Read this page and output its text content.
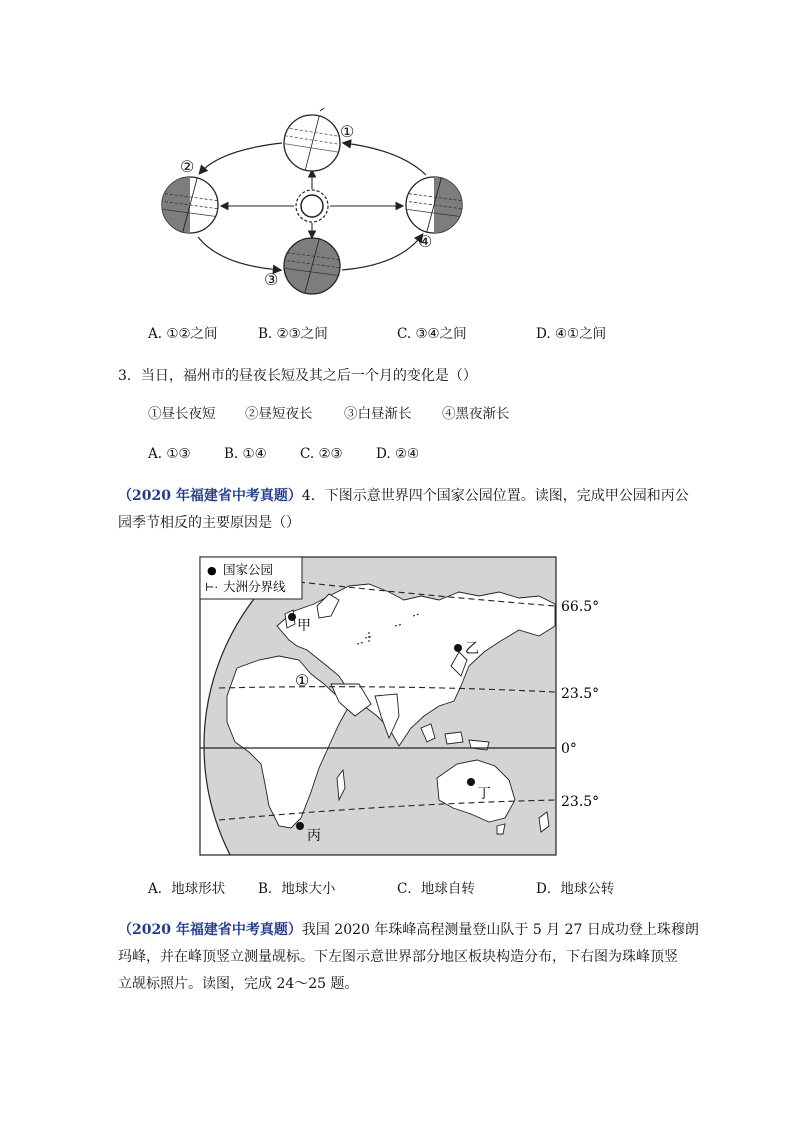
①
②
③
④
A. ①②之间	B. ②③之间	C. ③④之间	D. ④①之间
3．当日，福州市的昼夜长短及其之后一个月的变化是（）
①昼长夜短 ②昼短夜长 ③白昼渐长 ④黑夜渐长
A. ①③ B. ①④ C. ②③ D. ②④
（2020 年福建省中考真题）4．下图示意世界四个国家公园位置。读图，完成甲公园和丙公
园季节相反的主要原因是（）
● 国家公园
⊢· 大洲分界线
甲
乙
丙
丁
①
66.5°
23.5°
0°
23.5°
A．地球形状 B．地球大小	C．地球自转	D．地球公转
（2020 年福建省中考真题）我国 2020 年珠峰高程测量登山队于 5 月 27 日成功登上珠穆朗
玛峰，并在峰顶竖立测量觇标。下左图示意世界部分地区板块构造分布，下右图为珠峰顶竖
立觇标照片。读图，完成 24～25 题。
